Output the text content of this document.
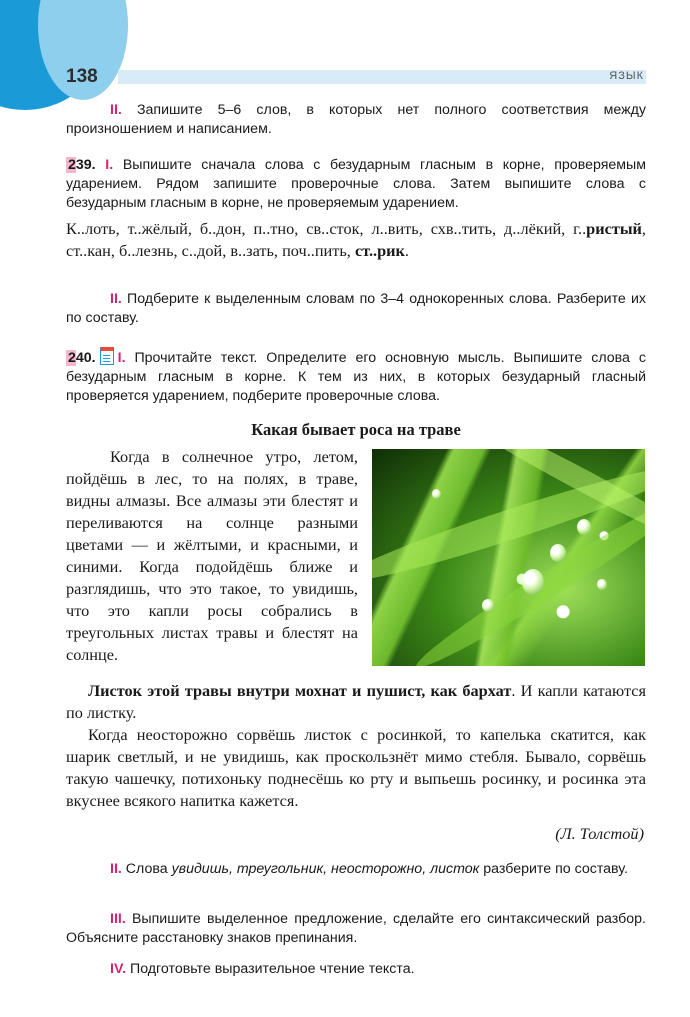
138	ЯЗЫК

II. Запишите 5–6 слов, в которых нет полного соответствия между произношением и написанием.

239. I. Выпишите сначала слова с безударным гласным в корне, проверяемым ударением. Рядом запишите проверочные слова. Затем выпишите слова с безударным гласным в корне, не проверяемым ударением.

К..лоть, т..жёлый, б..дон, п..тно, св..сток, л..вить, схв..тить, д..лёкий, г..ристый, ст..кан, б..лезнь, с..дой, в..зать, поч..пить, ст..рик.

II. Подберите к выделенным словам по 3–4 однокоренных слова. Разберите их по составу.

240. I. Прочитайте текст. Определите его основную мысль. Выпишите слова с безударным гласным в корне. К тем из них, в которых безударный гласный проверяется ударением, подберите проверочные слова.

Какая бывает роса на траве

Когда в солнечное утро, летом, пойдёшь в лес, то на полях, в траве, видны алмазы. Все алмазы эти блестят и переливаются на солнце разными цветами — и жёлтыми, и красными, и синими. Когда подойдёшь ближе и разглядишь, что это такое, то увидишь, что это капли росы собрались в треугольных листах травы и блестят на солнце.

Листок этой травы внутри мохнат и пушист, как бархат. И капли катаются по листку.

Когда неосторожно сорвёшь листок с росинкой, то капелька скатится, как шарик светлый, и не увидишь, как проскользнёт мимо стебля. Бывало, сорвёшь такую чашечку, потихоньку поднесёшь ко рту и выпьешь росинку, и росинка эта вкуснее всякого напитка кажется.

(Л. Толстой)

II. Слова увидишь, треугольник, неосторожно, листок разберите по составу.

III. Выпишите выделенное предложение, сделайте его синтаксический разбор. Объясните расстановку знаков препинания.

IV. Подготовьте выразительное чтение текста.
